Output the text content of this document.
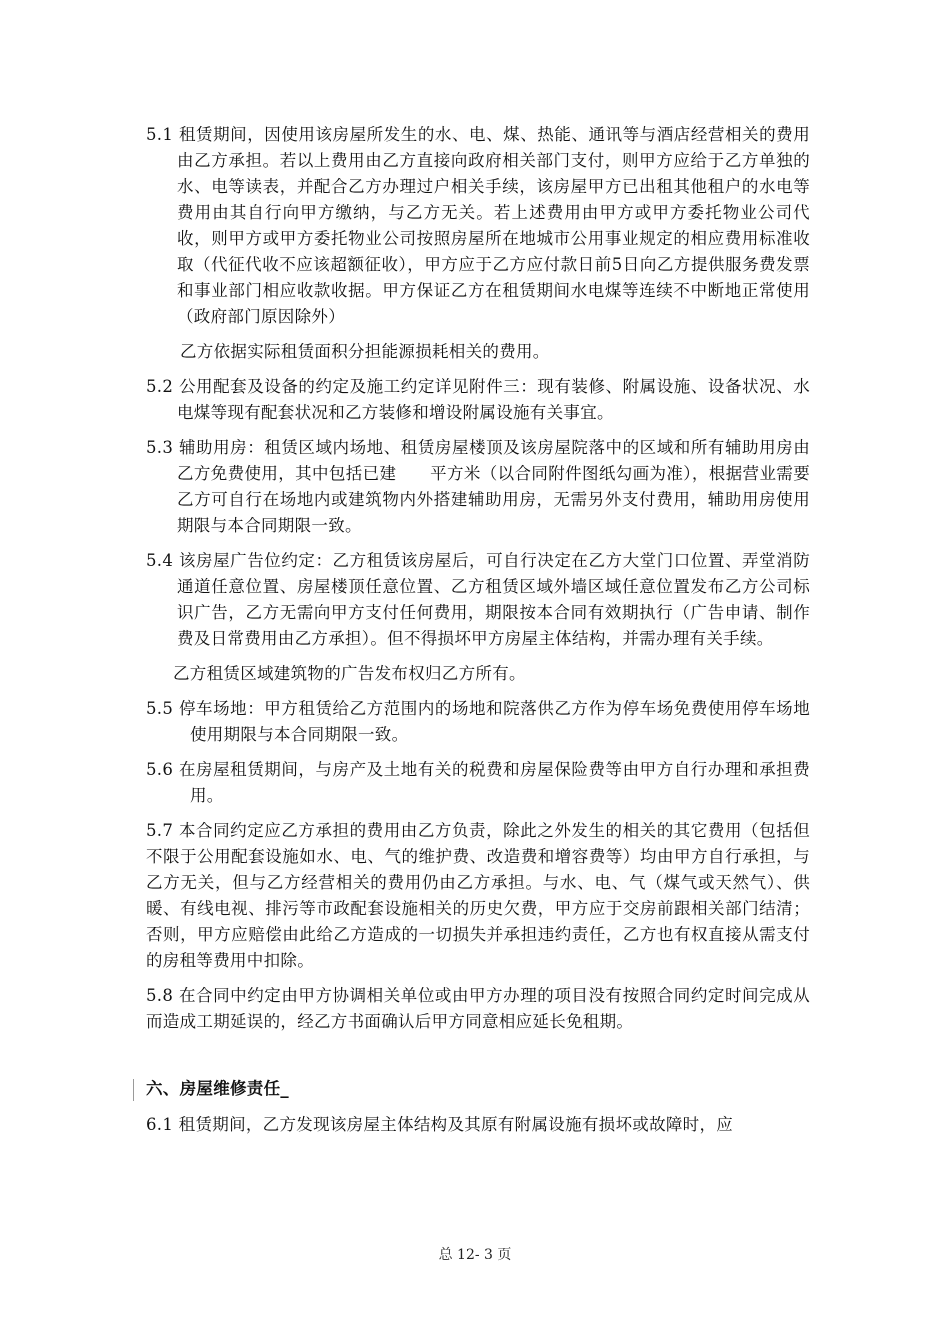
5.1 租赁期间，因使用该房屋所发生的水、电、煤、热能、通讯等与酒店经营相关的费用由乙方承担。若以上费用由乙方直接向政府相关部门支付，则甲方应给于乙方单独的水、电等读表，并配合乙方办理过户相关手续，该房屋甲方已出租其他租户的水电等费用由其自行向甲方缴纳，与乙方无关。若上述费用由甲方或甲方委托物业公司代收，则甲方或甲方委托物业公司按照房屋所在地城市公用事业规定的相应费用标准收取（代征代收不应该超额征收），甲方应于乙方应付款日前5日向乙方提供服务费发票和事业部门相应收款收据。甲方保证乙方在租赁期间水电煤等连续不中断地正常使用（政府部门原因除外）

乙方依据实际租赁面积分担能源损耗相关的费用。

5.2 公用配套及设备的约定及施工约定详见附件三：现有装修、附属设施、设备状况、水电煤等现有配套状况和乙方装修和增设附属设施有关事宜。

5.3 辅助用房：租赁区域内场地、租赁房屋楼顶及该房屋院落中的区域和所有辅助用房由乙方免费使用，其中包括已建　　平方米（以合同附件图纸勾画为准），根据营业需要乙方可自行在场地内或建筑物内外搭建辅助用房，无需另外支付费用，辅助用房使用期限与本合同期限一致。

5.4 该房屋广告位约定：乙方租赁该房屋后，可自行决定在乙方大堂门口位置、弄堂消防通道任意位置、房屋楼顶任意位置、乙方租赁区域外墙区域任意位置发布乙方公司标识广告，乙方无需向甲方支付任何费用，期限按本合同有效期执行（广告申请、制作费及日常费用由乙方承担）。但不得损坏甲方房屋主体结构，并需办理有关手续。

乙方租赁区域建筑物的广告发布权归乙方所有。

5.5 停车场地：甲方租赁给乙方范围内的场地和院落供乙方作为停车场免费使用停车场地使用期限与本合同期限一致。

5.6 在房屋租赁期间，与房产及土地有关的税费和房屋保险费等由甲方自行办理和承担费用。

5.7 本合同约定应乙方承担的费用由乙方负责，除此之外发生的相关的其它费用（包括但不限于公用配套设施如水、电、气的维护费、改造费和增容费等）均由甲方自行承担，与乙方无关，但与乙方经营相关的费用仍由乙方承担。与水、电、气（煤气或天然气）、供暖、有线电视、排污等市政配套设施相关的历史欠费，甲方应于交房前跟相关部门结清；否则，甲方应赔偿由此给乙方造成的一切损失并承担违约责任，乙方也有权直接从需支付的房租等费用中扣除。

5.8 在合同中约定由甲方协调相关单位或由甲方办理的项目没有按照合同约定时间完成从而造成工期延误的，经乙方书面确认后甲方同意相应延长免租期。

六、房屋维修责任_

6.1 租赁期间，乙方发现该房屋主体结构及其原有附属设施有损坏或故障时，应

总 12- 3 页
